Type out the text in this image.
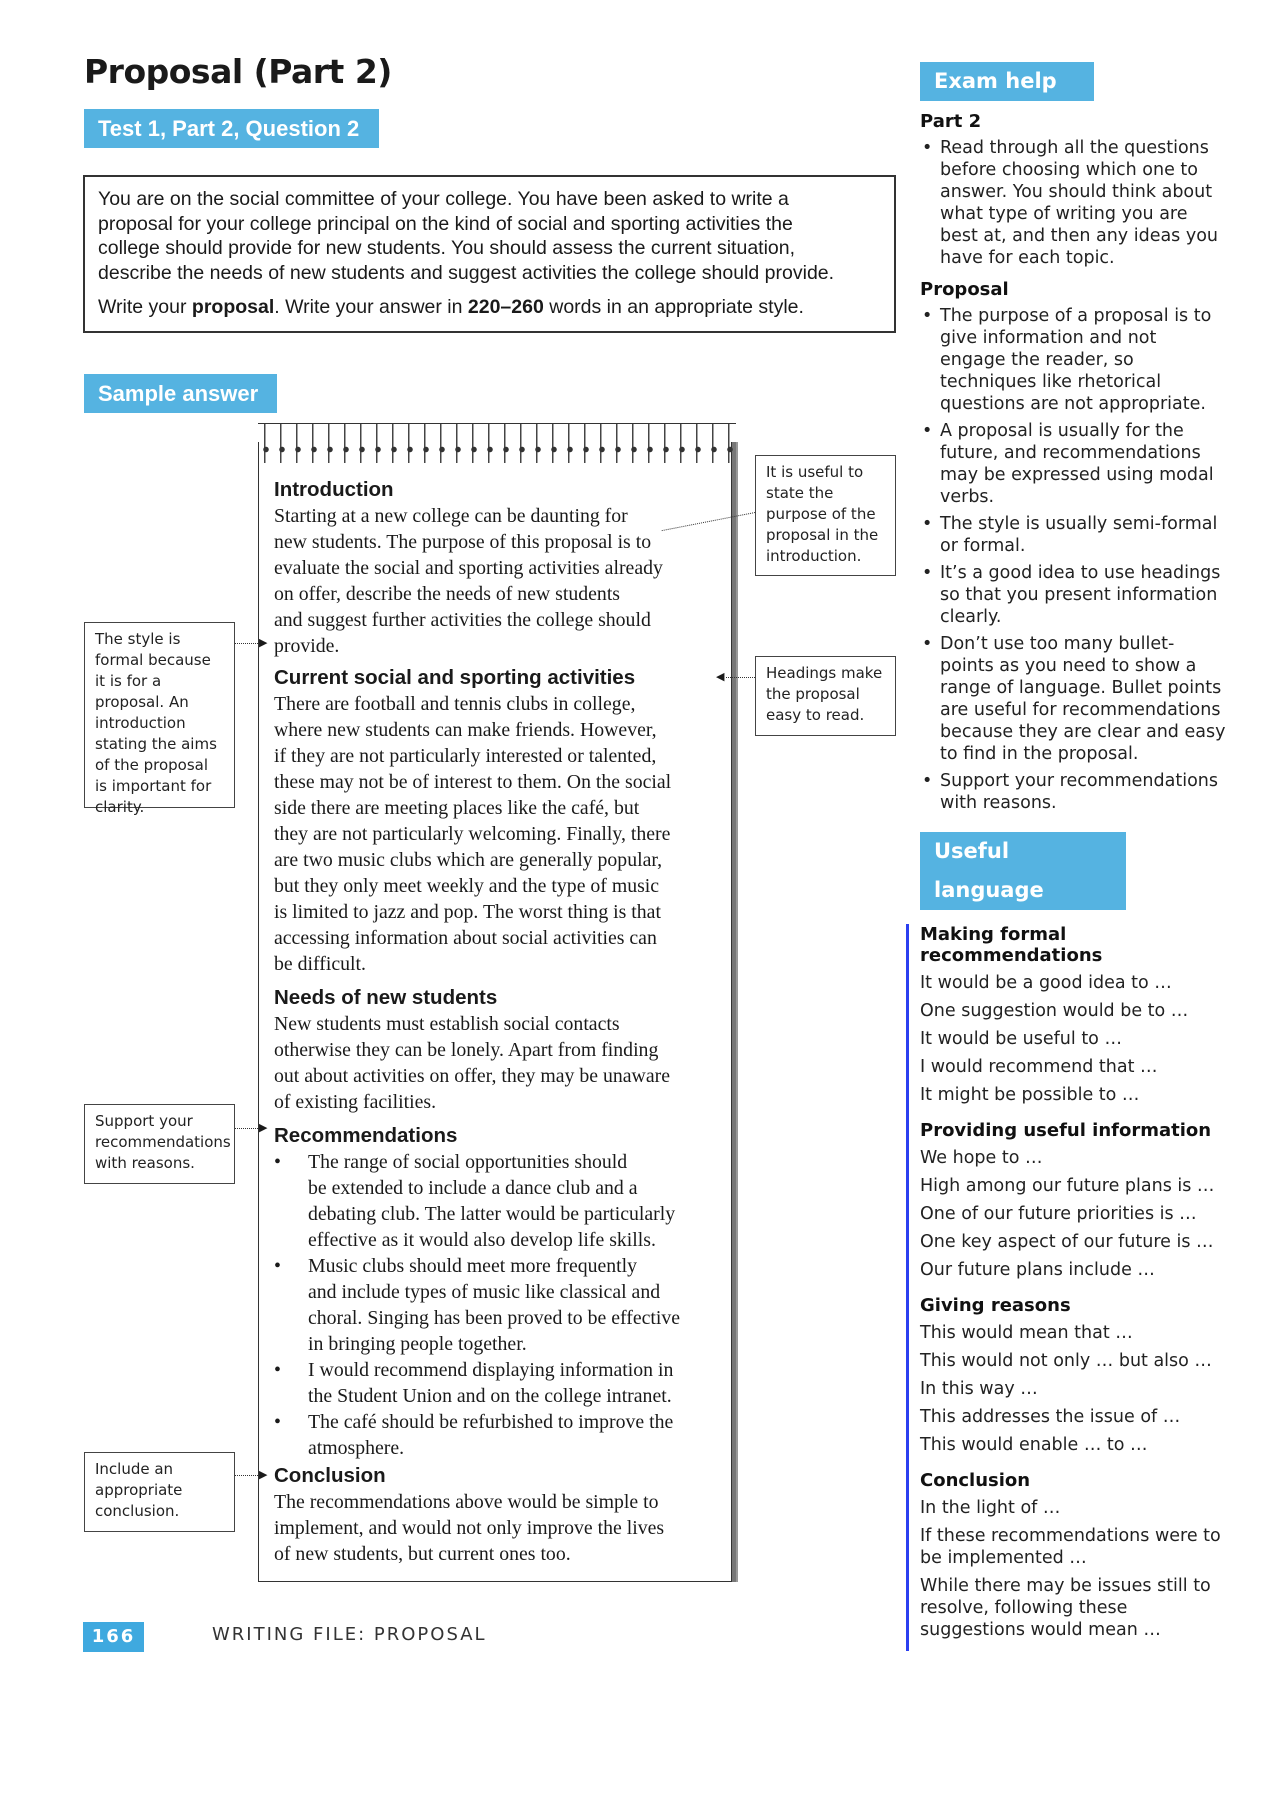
Proposal (Part 2)
Test 1, Part 2, Question 2
You are on the social committee of your college. You have been asked to write a
proposal for your college principal on the kind of social and sporting activities the
college should provide for new students. You should assess the current situation,
describe the needs of new students and suggest activities the college should provide.
Write your proposal. Write your answer in 220–260 words in an appropriate style.
Sample answer
Introduction
Starting at a new college can be daunting for
new students. The purpose of this proposal is to
evaluate the social and sporting activities already
on offer, describe the needs of new students
and suggest further activities the college should
provide.
Current social and sporting activities
There are football and tennis clubs in college,
where new students can make friends. However,
if they are not particularly interested or talented,
these may not be of interest to them. On the social
side there are meeting places like the café, but
they are not particularly welcoming. Finally, there
are two music clubs which are generally popular,
but they only meet weekly and the type of music
is limited to jazz and pop. The worst thing is that
accessing information about social activities can
be difficult.
Needs of new students
New students must establish social contacts
otherwise they can be lonely. Apart from finding
out about activities on offer, they may be unaware
of existing facilities.
Recommendations
• The range of social opportunities should
be extended to include a dance club and a
debating club. The latter would be particularly
effective as it would also develop life skills.
• Music clubs should meet more frequently
and include types of music like classical and
choral. Singing has been proved to be effective
in bringing people together.
• I would recommend displaying information in
the Student Union and on the college intranet.
• The café should be refurbished to improve the
atmosphere.
Conclusion
The recommendations above would be simple to
implement, and would not only improve the lives
of new students, but current ones too.
It is useful to state the purpose of the proposal in the introduction.
Headings make the proposal easy to read.
◀
The style is formal because it is for a proposal. An introduction stating the aims of the proposal is important for clarity.
▶
Support your recommendations with reasons.
▶
Include an appropriate conclusion.
▶
Exam help
Part 2
• Read through all the questions before choosing which one to answer. You should think about what type of writing you are best at, and then any ideas you have for each topic.
Proposal
• The purpose of a proposal is to give information and not engage the reader, so techniques like rhetorical questions are not appropriate.
• A proposal is usually for the future, and recommendations may be expressed using modal verbs.
• The style is usually semi-formal or formal.
• It’s a good idea to use headings so that you present information clearly.
• Don’t use too many bullet-points as you need to show a range of language. Bullet points are useful for recommendations because they are clear and easy to find in the proposal.
• Support your recommendations with reasons.
Useful language
Making formal recommendations
It would be a good idea to …
One suggestion would be to …
It would be useful to …
I would recommend that …
It might be possible to …
Providing useful information
We hope to …
High among our future plans is …
One of our future priorities is …
One key aspect of our future is …
Our future plans include …
Giving reasons
This would mean that …
This would not only … but also …
In this way …
This addresses the issue of …
This would enable … to …
Conclusion
In the light of …
If these recommendations were to be implemented …
While there may be issues still to resolve, following these suggestions would mean …
166	WRITING FILE: PROPOSAL
